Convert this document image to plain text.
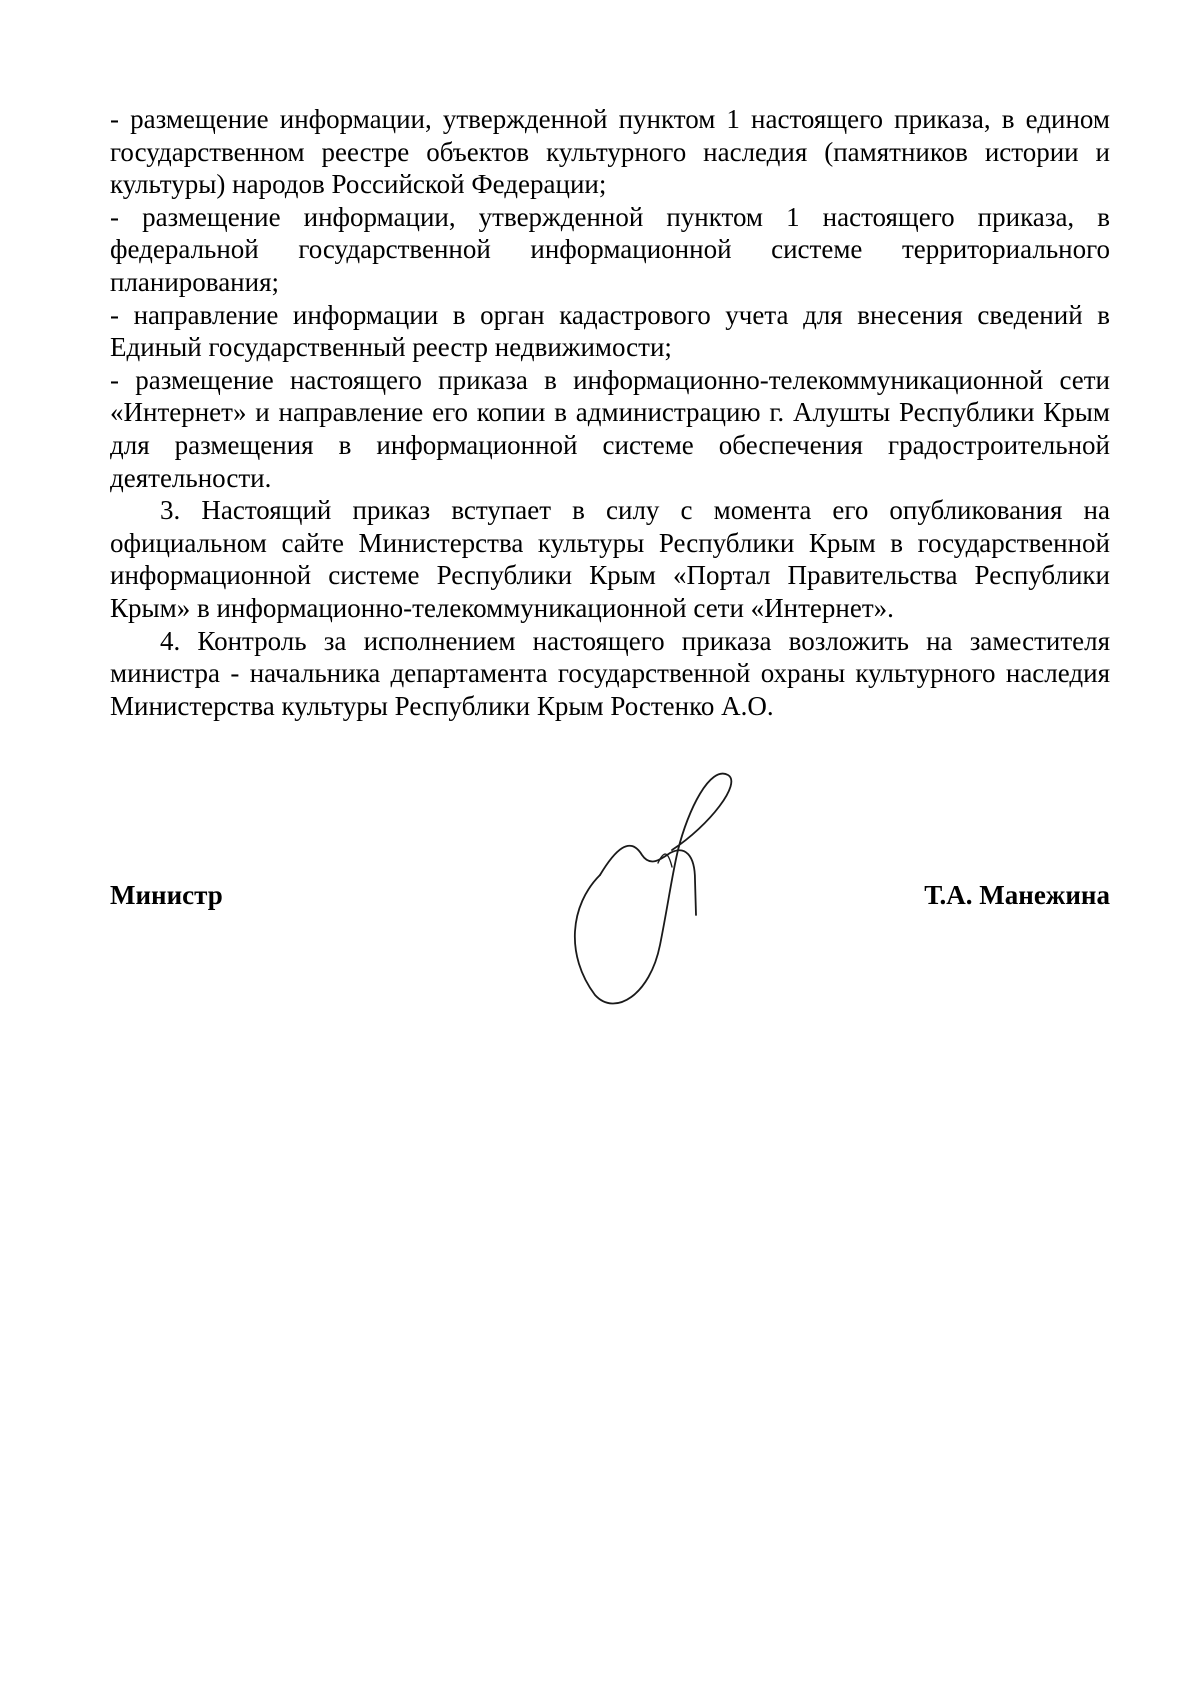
- размещение информации, утвержденной пунктом 1 настоящего приказа, в едином государственном реестре объектов культурного наследия (памятников истории и культуры) народов Российской Федерации;

- размещение информации, утвержденной пунктом 1 настоящего приказа, в федеральной государственной информационной системе территориального планирования;

- направление информации в орган кадастрового учета для внесения сведений в Единый государственный реестр недвижимости;

- размещение настоящего приказа в информационно-телекоммуникационной сети «Интернет» и направление его копии в администрацию г. Алушты Республики Крым для размещения в информационной системе обеспечения градостроительной деятельности.

3. Настоящий приказ вступает в силу с момента его опубликования на официальном сайте Министерства культуры Республики Крым в государственной информационной системе Республики Крым «Портал Правительства Республики Крым» в информационно-телекоммуникационной сети «Интернет».

4. Контроль за исполнением настоящего приказа возложить на заместителя министра - начальника департамента государственной охраны культурного наследия Министерства культуры Республики Крым Ростенко А.О.

Министр	Т.А. Манежина
